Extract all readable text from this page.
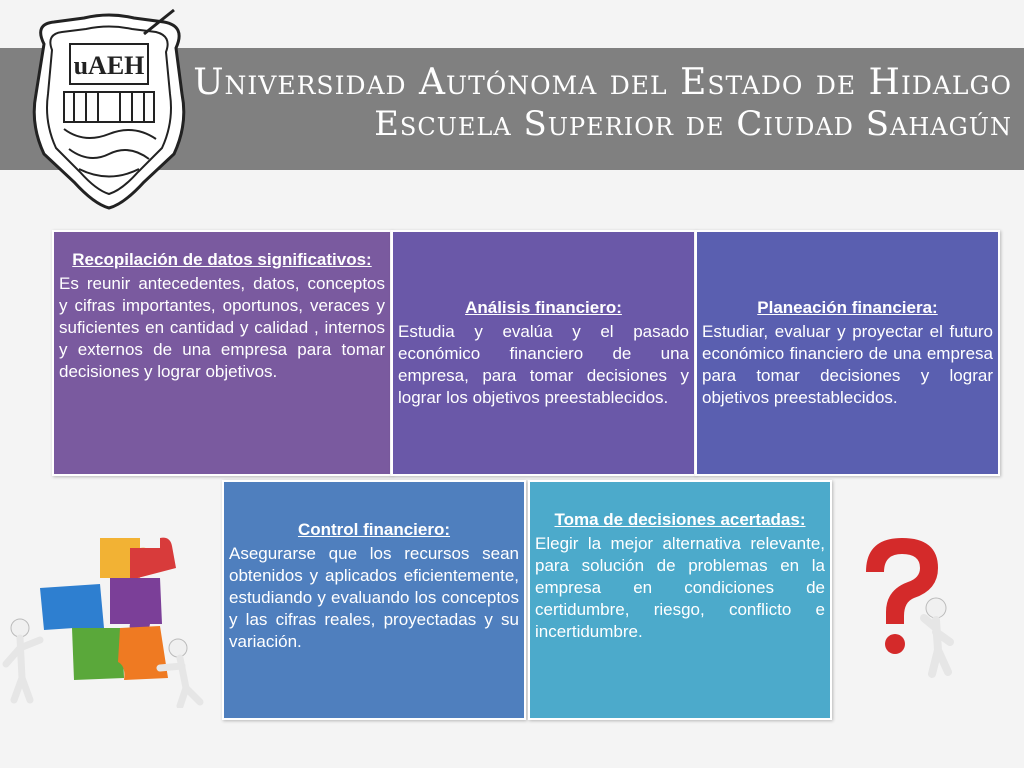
Universidad Autónoma del Estado de Hidalgo
Escuela Superior de Ciudad Sahagún
uAEH
Recopilación de datos significativos:
Es reunir antecedentes, datos, conceptos y cifras importantes, oportunos, veraces y suficientes en cantidad y calidad , internos y externos de una empresa para tomar decisiones y lograr objetivos.
Análisis financiero:
Estudia y evalúa y el pasado económico financiero de una empresa, para tomar decisiones y lograr los objetivos preestablecidos.
Planeación financiera:
Estudiar, evaluar y proyectar el futuro económico financiero de una empresa para tomar decisiones y lograr objetivos preestablecidos.
Control financiero:
Asegurarse que los recursos sean obtenidos y aplicados eficientemente, estudiando y evaluando los conceptos y las cifras reales, proyectadas y su variación.
Toma de decisiones acertadas:
Elegir la mejor alternativa relevante, para solución de problemas en la empresa en condiciones de certidumbre, riesgo, conflicto e incertidumbre.
